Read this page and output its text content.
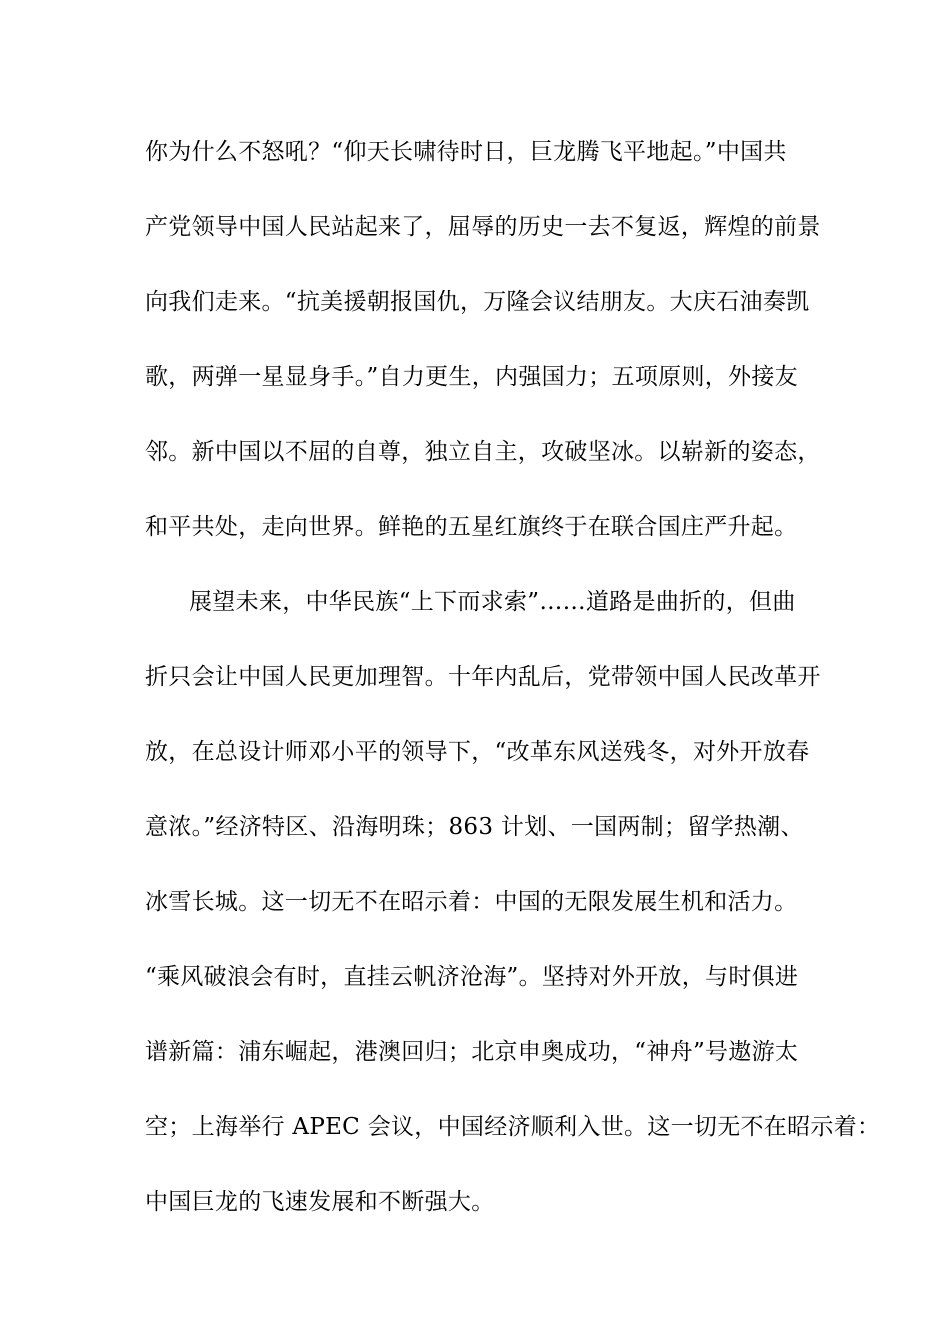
你为什么不怒吼？“仰天长啸待时日，巨龙腾飞平地起。”中国共
产党领导中国人民站起来了，屈辱的历史一去不复返，辉煌的前景
向我们走来。“抗美援朝报国仇，万隆会议结朋友。大庆石油奏凯
歌，两弹一星显身手。”自力更生，内强国力；五项原则，外接友
邻。新中国以不屈的自尊，独立自主，攻破坚冰。以崭新的姿态，
和平共处，走向世界。鲜艳的五星红旗终于在联合国庄严升起。
展望未来，中华民族“上下而求索”……道路是曲折的，但曲
折只会让中国人民更加理智。十年内乱后，党带领中国人民改革开
放，在总设计师邓小平的领导下，“改革东风送残冬，对外开放春
意浓。”经济特区、沿海明珠；863 计划、一国两制；留学热潮、
冰雪长城。这一切无不在昭示着：中国的无限发展生机和活力。
“乘风破浪会有时，直挂云帆济沧海”。坚持对外开放，与时俱进
谱新篇：浦东崛起，港澳回归；北京申奥成功，“神舟”号遨游太
空；上海举行 APEC 会议，中国经济顺利入世。这一切无不在昭示着：
中国巨龙的飞速发展和不断强大。
